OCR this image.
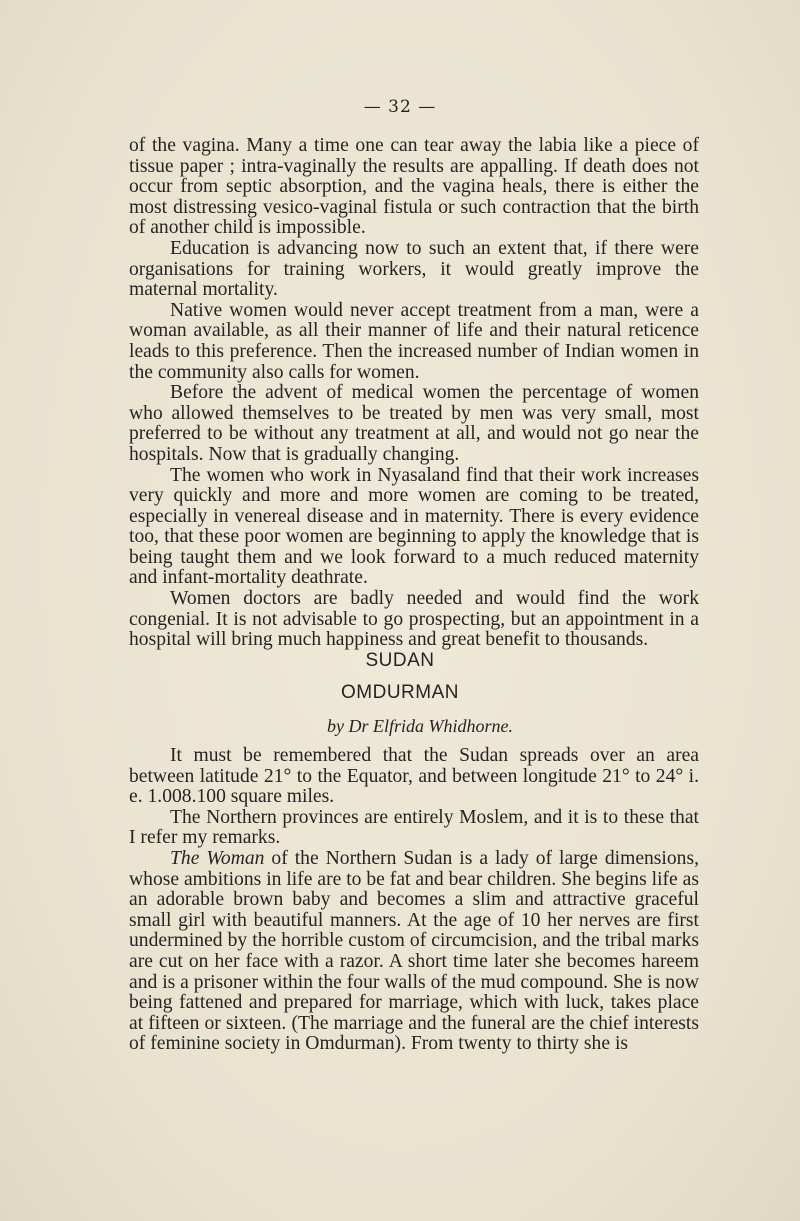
— 32 —

of the vagina. Many a time one can tear away the labia like a piece of tissue paper ; intra-vaginally the results are appalling. If death does not occur from septic absorption, and the vagina heals, there is either the most distressing vesico-vaginal fistula or such contraction that the birth of another child is impossible.

Education is advancing now to such an extent that, if there were organisations for training workers, it would greatly improve the maternal mortality.

Native women would never accept treatment from a man, were a woman available, as all their manner of life and their natural reticence leads to this preference. Then the increased number of Indian women in the community also calls for women.

Before the advent of medical women the percentage of women who allowed themselves to be treated by men was very small, most preferred to be without any treatment at all, and would not go near the hospitals. Now that is gradually changing.

The women who work in Nyasaland find that their work increases very quickly and more and more women are coming to be treated, especially in venereal disease and in maternity. There is every evidence too, that these poor women are beginning to apply the knowledge that is being taught them and we look forward to a much reduced maternity and infant-mortality deathrate.

Women doctors are badly needed and would find the work congenial. It is not advisable to go prospecting, but an appointment in a hospital will bring much happiness and great benefit to thousands.

SUDAN
OMDURMAN
by Dr Elfrida Whidhorne.

It must be remembered that the Sudan spreads over an area between latitude 21° to the Equator, and between longitude 21° to 24° i. e. 1.008.100 square miles.

The Northern provinces are entirely Moslem, and it is to these that I refer my remarks.

The Woman of the Northern Sudan is a lady of large dimensions, whose ambitions in life are to be fat and bear children. She begins life as an adorable brown baby and becomes a slim and attractive graceful small girl with beautiful manners. At the age of 10 her nerves are first undermined by the horrible custom of circumcision, and the tribal marks are cut on her face with a razor. A short time later she becomes hareem and is a prisoner within the four walls of the mud compound. She is now being fattened and prepared for marriage, which with luck, takes place at fifteen or sixteen. (The marriage and the funeral are the chief interests of feminine society in Omdurman). From twenty to thirty she is
